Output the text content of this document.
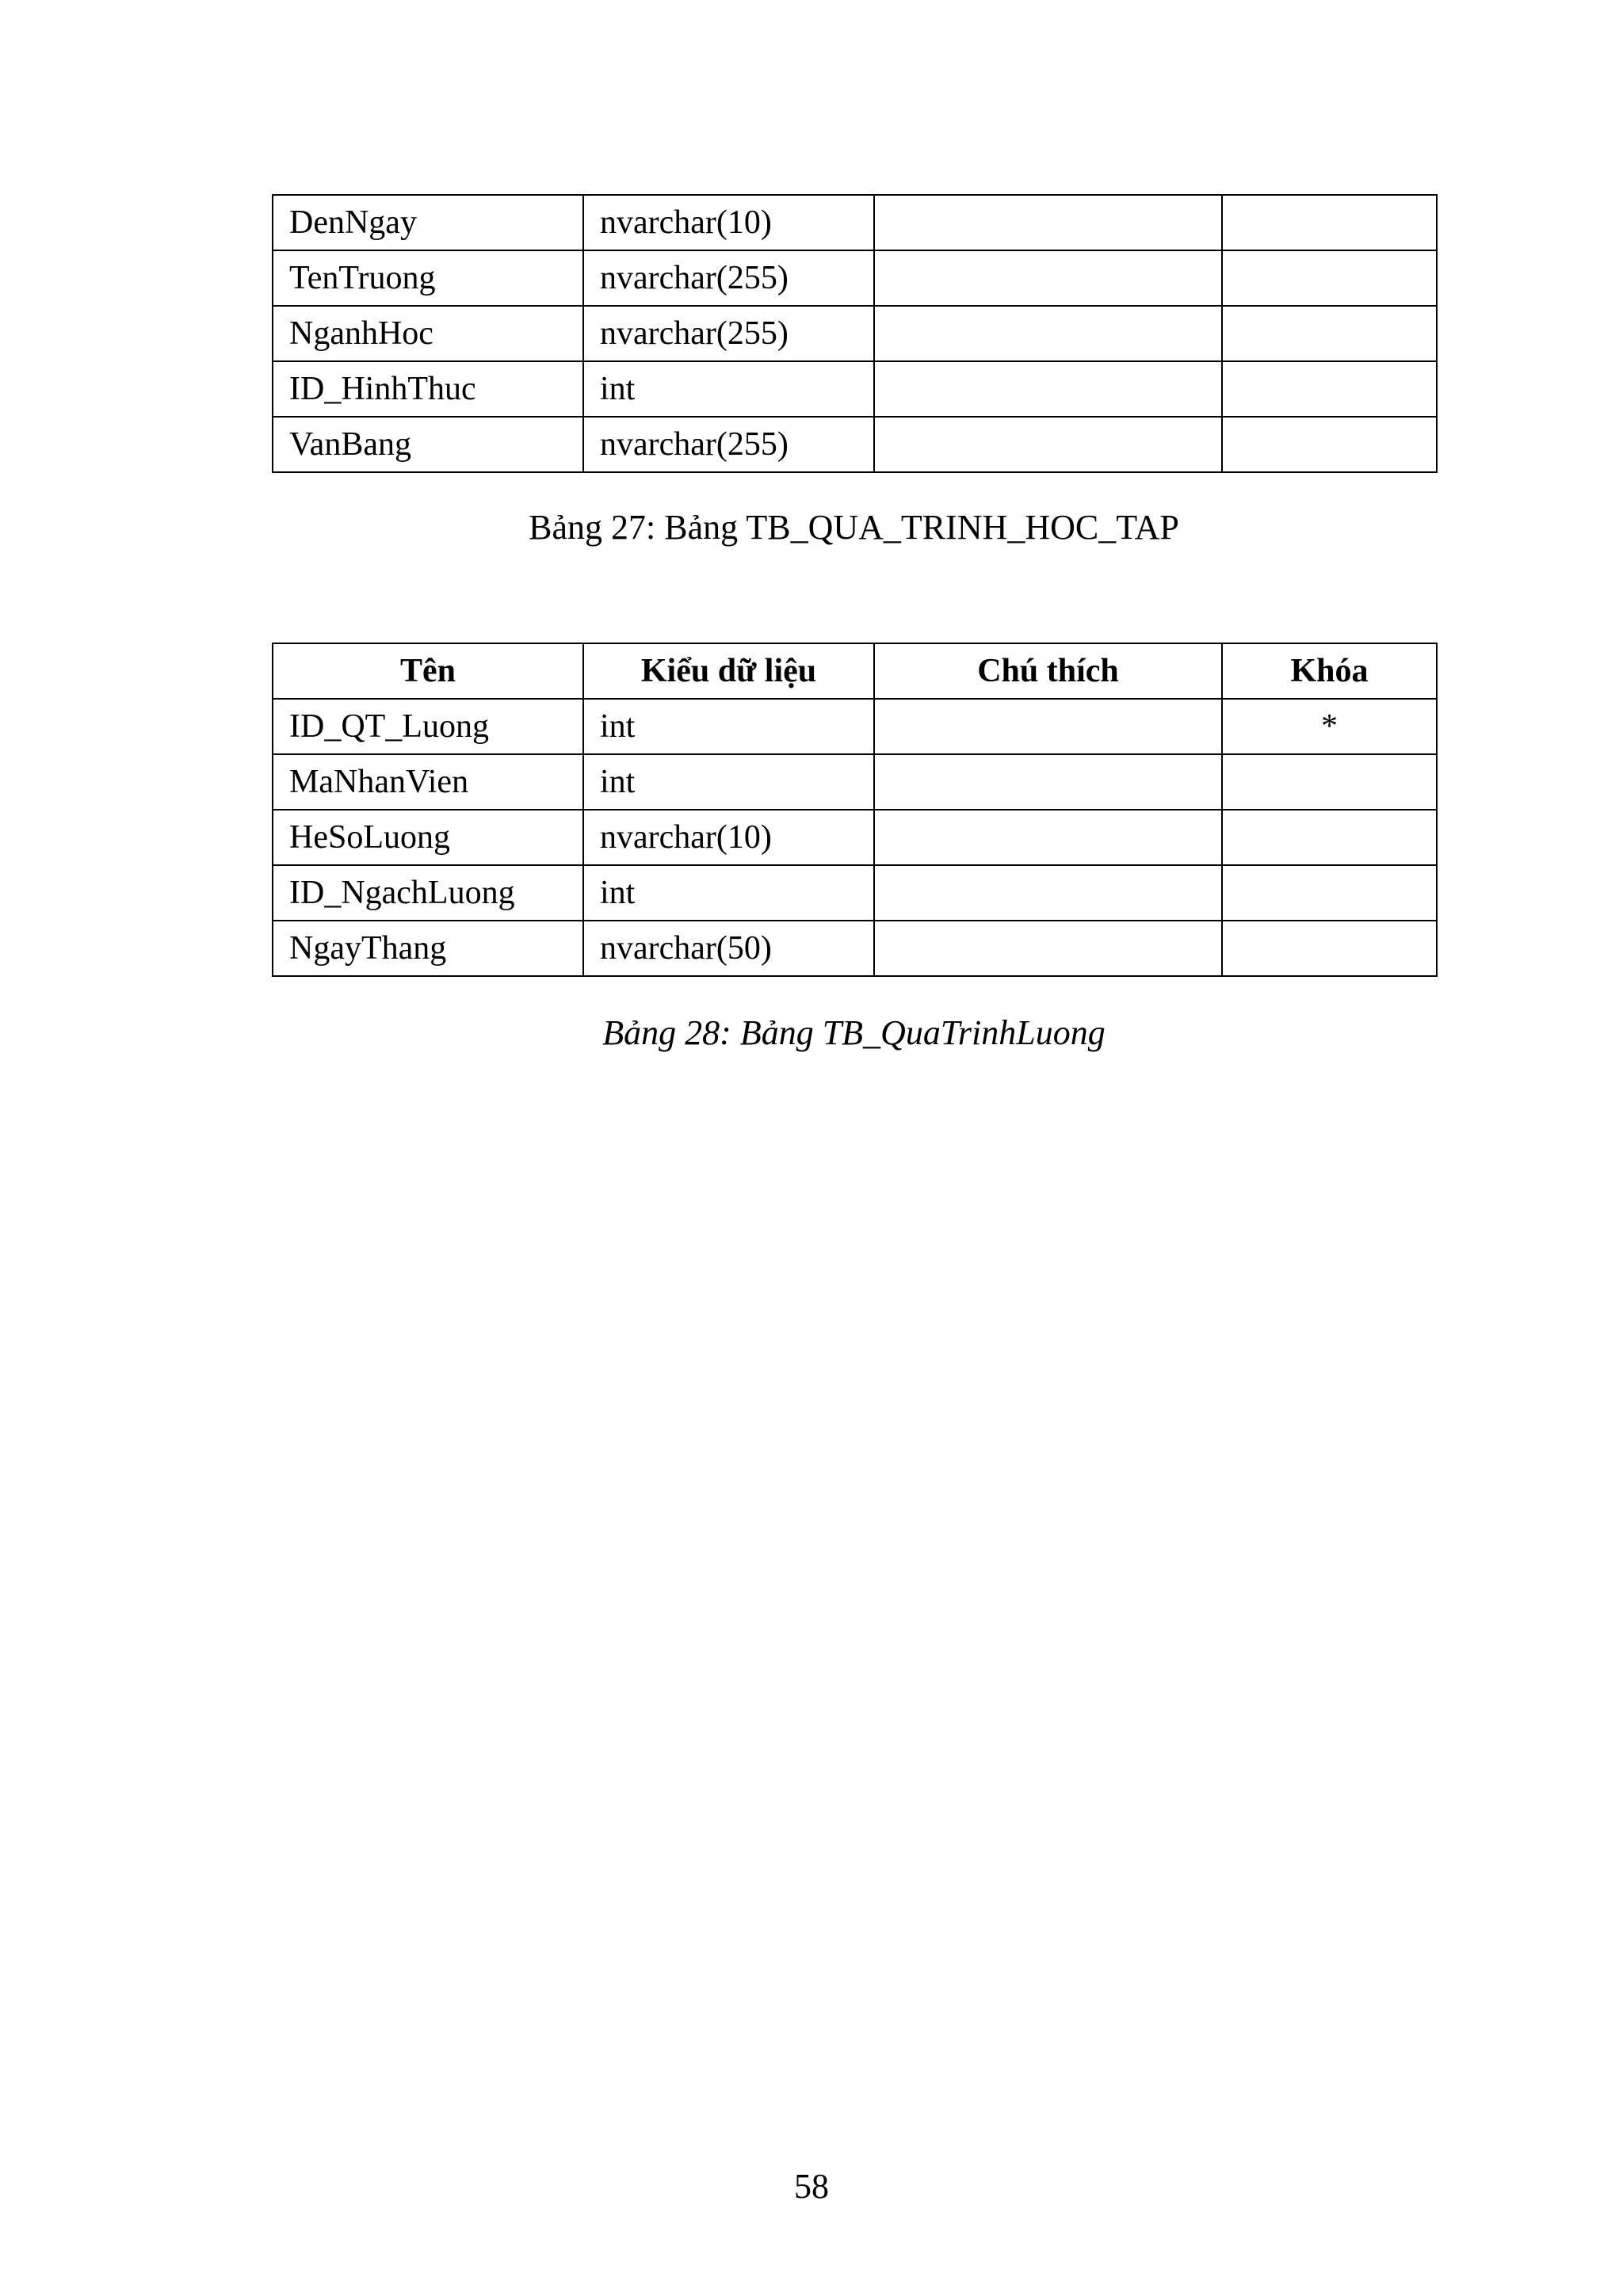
DenNgay	nvarchar(10)		
TenTruong	nvarchar(255)		
NganhHoc	nvarchar(255)		
ID_HinhThuc	int		
VanBang	nvarchar(255)		
Bảng 27: Bảng TB_QUA_TRINH_HOC_TAP
Tên	Kiểu dữ liệu	Chú thích	Khóa
ID_QT_Luong	int		*
MaNhanVien	int		
HeSoLuong	nvarchar(10)		
ID_NgachLuong	int		
NgayThang	nvarchar(50)		
Bảng 28: Bảng TB_QuaTrinhLuong
58
